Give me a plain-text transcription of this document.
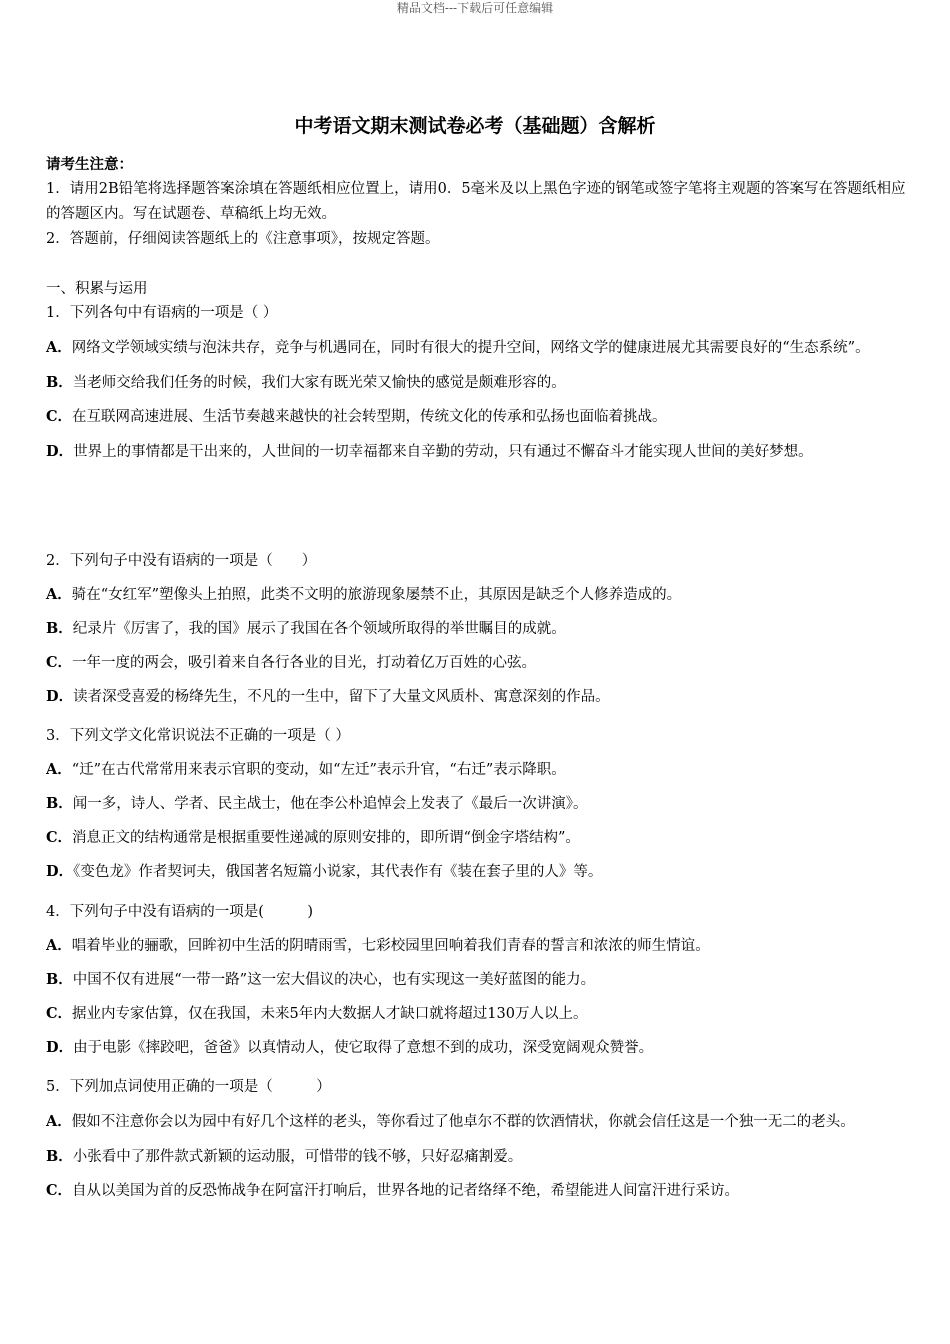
精品文档---下载后可任意编辑
中考语文期末测试卷必考（基础题）含解析

请考生注意：

1．请用2B铅笔将选择题答案涂填在答题纸相应位置上，请用0．5毫米及以上黑色字迹的钢笔或签字笔将主观题的答案写在答题纸相应的答题区内。写在试题卷、草稿纸上均无效。

2．答题前，仔细阅读答题纸上的《注意事项》，按规定答题。

一、积累与运用

1．下列各句中有语病的一项是（ ）

A．网络文学领域实绩与泡沫共存，竞争与机遇同在，同时有很大的提升空间，网络文学的健康进展尤其需要良好的“生态系统”。

B．当老师交给我们任务的时候，我们大家有既光荣又愉快的感觉是颇难形容的。

C．在互联网高速进展、生活节奏越来越快的社会转型期，传统文化的传承和弘扬也面临着挑战。

D．世界上的事情都是干出来的，人世间的一切幸福都来自辛勤的劳动，只有通过不懈奋斗才能实现人世间的美好梦想。

2．下列句子中没有语病的一项是（　　）

A．骑在“女红军”塑像头上拍照，此类不文明的旅游现象屡禁不止，其原因是缺乏个人修养造成的。

B．纪录片《厉害了，我的国》展示了我国在各个领域所取得的举世瞩目的成就。

C．一年一度的两会，吸引着来自各行各业的目光，打动着亿万百姓的心弦。

D．读者深受喜爱的杨绛先生，不凡的一生中，留下了大量文风质朴、寓意深刻的作品。

3．下列文学文化常识说法不 .正 .确 .的一项是（ ）

A．“迁”在古代常常用来表示官职的变动，如“左迁”表示升官，“右迁”表示降职。

B．闻一多，诗人、学者、民主战士，他在李公朴追悼会上发表了《最后一次讲演》。

C．消息正文的结构通常是根据重要性递减的原则安排的，即所谓“倒金字塔结构”。

D．《变色龙》作者契诃夫，俄国著名短篇小说家，其代表作有《装在套子里的人》等。

4．下列句子中没有语病的一项是(　　　)

A．唱着毕业的骊歌，回眸初中生活的阴晴雨雪，七彩校园里回响着我们青春的誓言和浓浓的师生情谊。

B．中国不仅有进展“一带一路”这一宏大倡议的决心，也有实现这一美好蓝图的能力。

C．据业内专家估算，仅在我国，未来5年内大数据人才缺口就将超过130万人以上。

D．由于电影《摔跤吧，爸爸》以真情动人，使它取得了意想不到的成功，深受宽阔观众赞誉。

5．下列加点词使用正确的一项是（　　　）

A．假如不注意你会以为园中有好几个这样的老头，等你看过了他卓 .尔 .不 .群 .的饮酒情状，你就会信任这是一个独一无二的老头。

B．小张看中了那件款式新颖的运动服，可惜带的钱不够，只好忍 .痛 .割 .爱 .。

C．自从以美国为首的反恐怖战争在阿富汗打响后，世界各地的记者络 .绎 .不 .绝 .，希望能进人间富汗进行采访。
